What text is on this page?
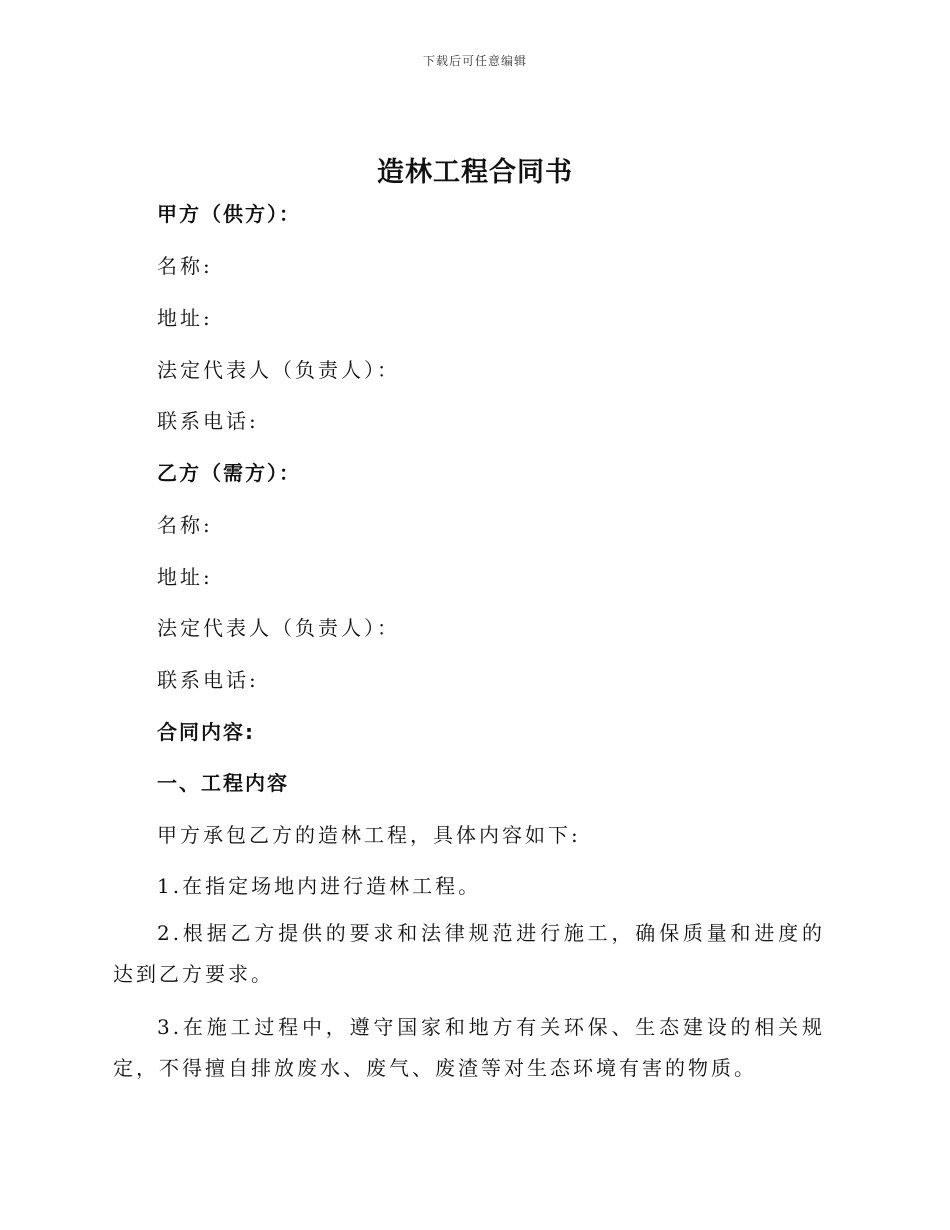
下载后可任意编辑
造林工程合同书
甲方（供方）：
名称:
地址:
法定代表人（负责人）：
联系电话:
乙方（需方）：
名称:
地址:
法定代表人（负责人）：
联系电话:
合同内容:
一、工程内容
甲方承包乙方的造林工程，具体内容如下:
1.在指定场地内进行造林工程。
2.根据乙方提供的要求和法律规范进行施工，确保质量和进度的达到乙方要求。
3.在施工过程中，遵守国家和地方有关环保、生态建设的相关规定，不得擅自排放废水、废气、废渣等对生态环境有害的物质。
